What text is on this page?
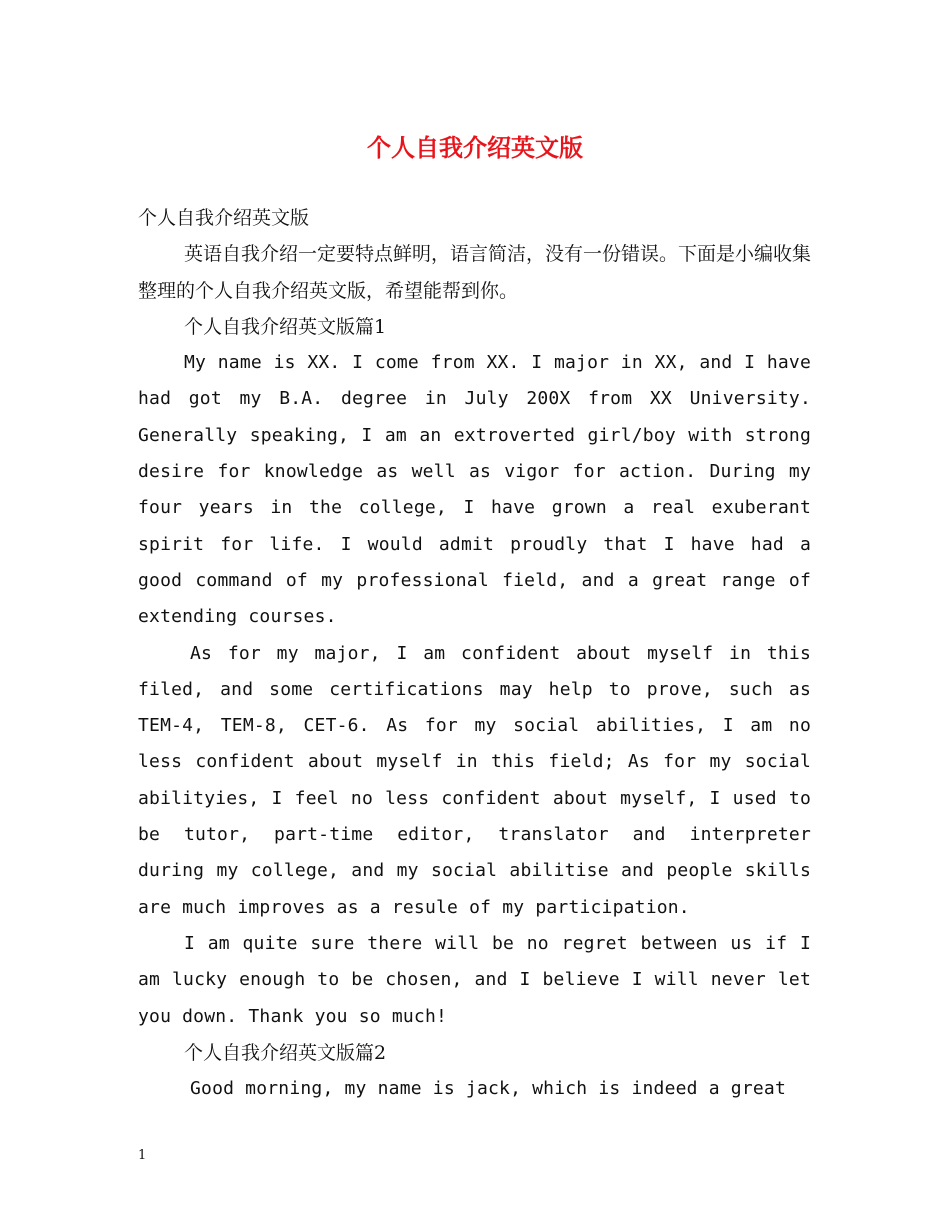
个人自我介绍英文版

个人自我介绍英文版

英语自我介绍一定要特点鲜明，语言简洁，没有一份错误。下面是小编收集整理的个人自我介绍英文版，希望能帮到你。

个人自我介绍英文版篇1

My name is XX. I come from XX. I major in XX, and I have had got my B.A. degree in July 200X from XX University. Generally speaking, I am an extroverted girl/boy with strong desire for knowledge as well as vigor for action. During my four years in the college, I have grown a real exuberant spirit for life. I would admit proudly that I have had a good command of my professional field, and a great range of extending courses.

As for my major, I am confident about myself in this filed, and some certifications may help to prove, such as TEM-4, TEM-8, CET-6. As for my social abilities, I am no less confident about myself in this field; As for my social abilityies, I feel no less confident about myself, I used to be tutor, part-time editor, translator and interpreter during my college, and my social abilitise and people skills are much improves as a resule of my participation.

I am quite sure there will be no regret between us if I am lucky enough to be chosen, and I believe I will never let you down. Thank you so much!

个人自我介绍英文版篇2

Good morning, my name is jack, which is indeed a great

1
